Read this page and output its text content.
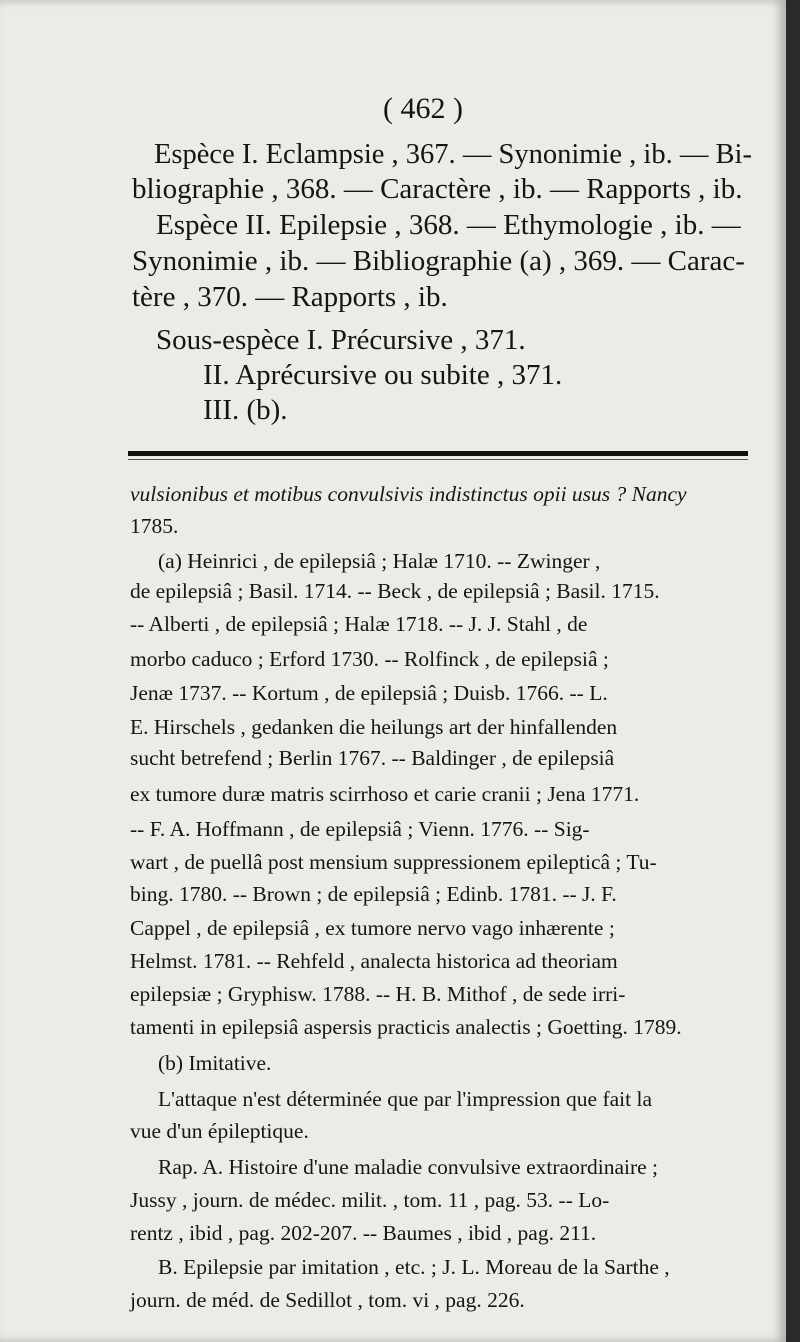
( 462 )
Espèce I. Eclampsie , 367. — Synonimie , ib. — Bi-
bliographie , 368. — Caractère , ib. — Rapports , ib.
Espèce II. Epilepsie , 368. — Ethymologie , ib. —
Synonimie , ib. — Bibliographie (a) , 369. — Carac-
tère , 370. — Rapports , ib.
Sous-espèce I. Précursive , 371.
II. Aprécursive ou subite , 371.
III. (b).
vulsionibus et motibus convulsivis indistinctus opii usus ? Nancy
1785.
(a) Heinrici , de epilepsiâ ; Halæ 1710. -- Zwinger ,
de epilepsiâ ; Basil. 1714. -- Beck , de epilepsiâ ; Basil. 1715.
-- Alberti , de epilepsiâ ; Halæ 1718. -- J. J. Stahl , de
morbo caduco ; Erford 1730. -- Rolfinck , de epilepsiâ ;
Jenæ 1737. -- Kortum , de epilepsiâ ; Duisb. 1766. -- L.
E. Hirschels , gedanken die heilungs art der hinfallenden
sucht betrefend ; Berlin 1767. -- Baldinger , de epilepsiâ
ex tumore duræ matris scirrhoso et carie cranii ; Jena 1771.
-- F. A. Hoffmann , de epilepsiâ ; Vienn. 1776. -- Sig-
wart , de puellâ post mensium suppressionem epilepticâ ; Tu-
bing. 1780. -- Brown ; de epilepsiâ ; Edinb. 1781. -- J. F.
Cappel , de epilepsiâ , ex tumore nervo vago inhærente ;
Helmst. 1781. -- Rehfeld , analecta historica ad theoriam
epilepsiæ ; Gryphisw. 1788. -- H. B. Mithof , de sede irri-
tamenti in epilepsiâ aspersis practicis analectis ; Goetting. 1789.
(b) Imitative.
L'attaque n'est déterminée que par l'impression que fait la
vue d'un épileptique.
Rap. A. Histoire d'une maladie convulsive extraordinaire ;
Jussy , journ. de médec. milit. , tom. 11 , pag. 53. -- Lo-
rentz , ibid , pag. 202-207. -- Baumes , ibid , pag. 211.
B. Epilepsie par imitation , etc. ; J. L. Moreau de la Sarthe ,
journ. de méd. de Sedillot , tom. vi , pag. 226.
